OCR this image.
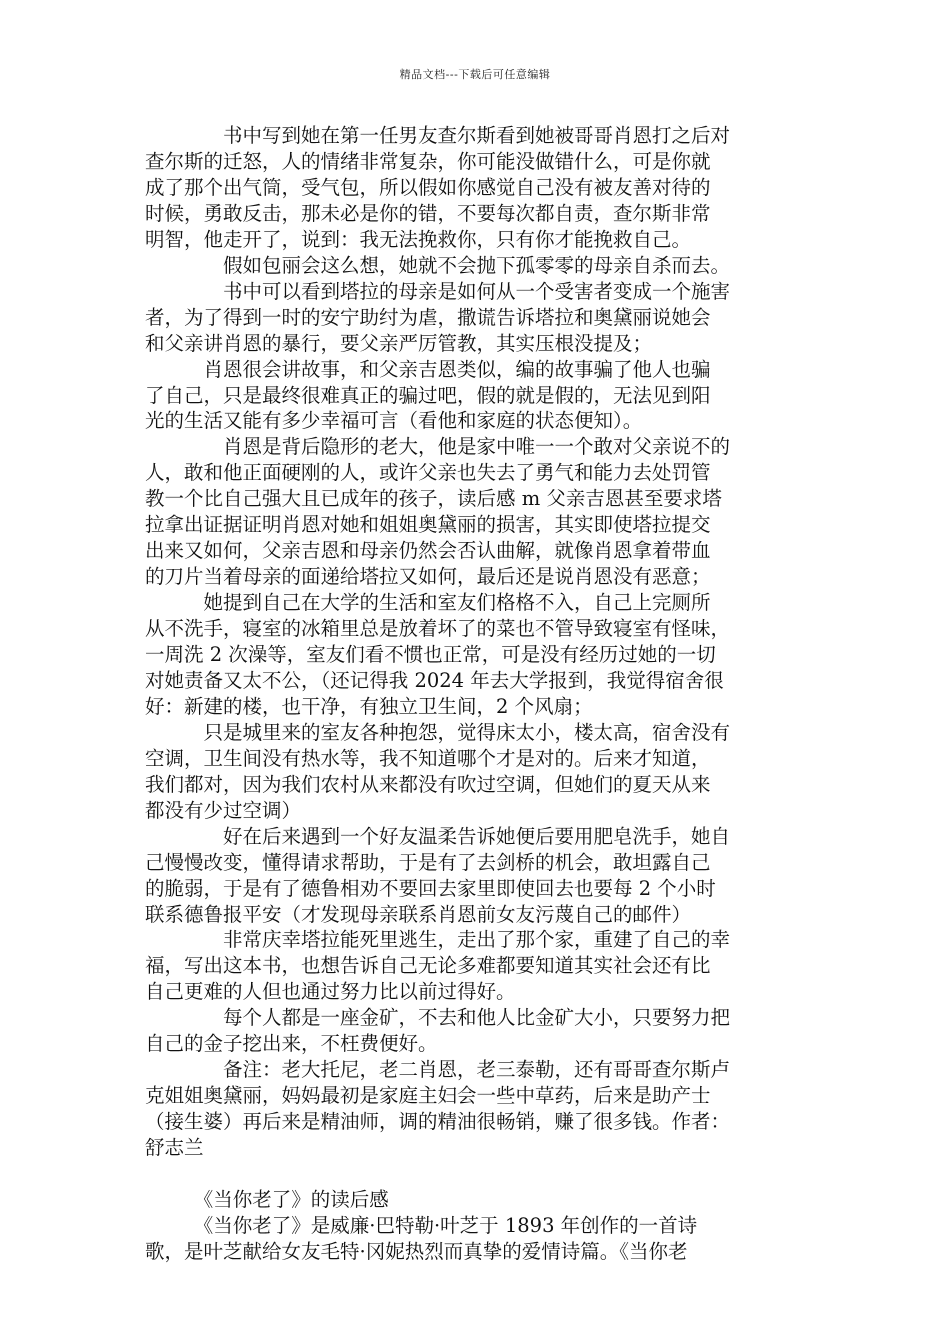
精品文档---下载后可任意编辑
　　　　书中写到她在第一任男友查尔斯看到她被哥哥肖恩打之后对
查尔斯的迁怒，人的情绪非常复杂，你可能没做错什么，可是你就
成了那个出气筒，受气包，所以假如你感觉自己没有被友善对待的
时候，勇敢反击，那未必是你的错，不要每次都自责，查尔斯非常
明智，他走开了，说到：我无法挽救你，只有你才能挽救自己。
　　　　假如包丽会这么想，她就不会抛下孤零零的母亲自杀而去。
　　　　书中可以看到塔拉的母亲是如何从一个受害者变成一个施害
者，为了得到一时的安宁助纣为虐，撒谎告诉塔拉和奥黛丽说她会
和父亲讲肖恩的暴行，要父亲严厉管教，其实压根没提及；
　　　肖恩很会讲故事，和父亲吉恩类似，编的故事骗了他人也骗
了自己，只是最终很难真正的骗过吧，假的就是假的，无法见到阳
光的生活又能有多少幸福可言（看他和家庭的状态便知）。
　　　　肖恩是背后隐形的老大，他是家中唯一一个敢对父亲说不的
人，敢和他正面硬刚的人，或许父亲也失去了勇气和能力去处罚管
教一个比自己强大且已成年的孩子，读后感 m 父亲吉恩甚至要求塔
拉拿出证据证明肖恩对她和姐姐奥黛丽的损害，其实即使塔拉提交
出来又如何，父亲吉恩和母亲仍然会否认曲解，就像肖恩拿着带血
的刀片当着母亲的面递给塔拉又如何，最后还是说肖恩没有恶意；
　　　她提到自己在大学的生活和室友们格格不入，自己上完厕所
从不洗手，寝室的冰箱里总是放着坏了的菜也不管导致寝室有怪味，
一周洗 2 次澡等，室友们看不惯也正常，可是没有经历过她的一切
对她责备又太不公，（还记得我 2024 年去大学报到，我觉得宿舍很
好：新建的楼，也干净，有独立卫生间，2 个风扇；
　　　只是城里来的室友各种抱怨，觉得床太小，楼太高，宿舍没有
空调，卫生间没有热水等，我不知道哪个才是对的。后来才知道，
我们都对，因为我们农村从来都没有吹过空调，但她们的夏天从来
都没有少过空调）
　　　　好在后来遇到一个好友温柔告诉她便后要用肥皂洗手，她自
己慢慢改变，懂得请求帮助，于是有了去剑桥的机会，敢坦露自己
的脆弱，于是有了德鲁相劝不要回去家里即使回去也要每 2 个小时
联系德鲁报平安（才发现母亲联系肖恩前女友污蔑自己的邮件）
　　　　非常庆幸塔拉能死里逃生，走出了那个家，重建了自己的幸
福，写出这本书，也想告诉自己无论多难都要知道其实社会还有比
自己更难的人但也通过努力比以前过得好。
　　　　每个人都是一座金矿，不去和他人比金矿大小，只要努力把
自己的金子挖出来，不枉费便好。
　　　　备注：老大托尼，老二肖恩，老三泰勒，还有哥哥查尔斯卢
克姐姐奥黛丽，妈妈最初是家庭主妇会一些中草药，后来是助产士
（接生婆）再后来是精油师，调的精油很畅销，赚了很多钱。作者：
舒志兰
　　　《当你老了》的读后感
　　　《当你老了》是威廉·巴特勒·叶芝于 1893 年创作的一首诗
歌，是叶芝献给女友毛特·冈妮热烈而真挚的爱情诗篇。《当你老
